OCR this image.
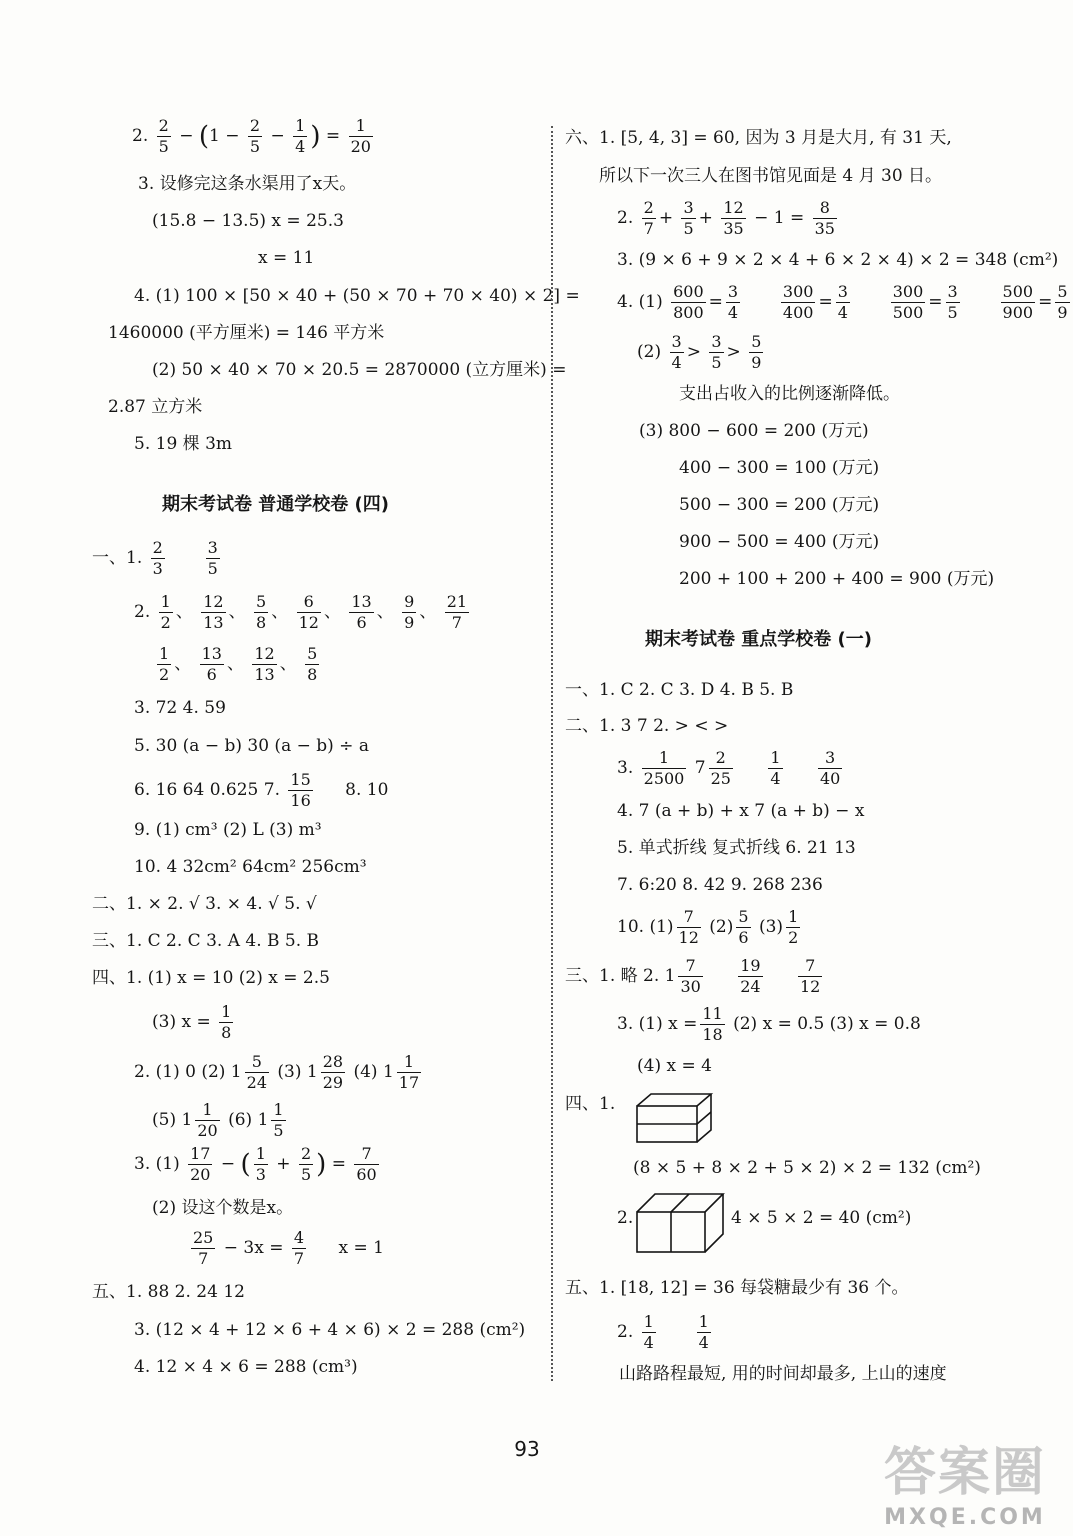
2. $\frac{2}{5} - (1 - \frac{2}{5} - \frac{1}{4}$ ) = $\frac{1}{20}$
3. 设修完这条水渠用了x天。
(15.8 − 13.5) x = 25.3
x = 11
4. (1) 100 × [50 × 40 + (50 × 70 + 70 × 40) × 2] =
1460000 (平方厘米) = 146 平方米
(2) 50 × 40 × 70 × 20.5 = 2870000 (立方厘米) =
2.87 立方米
5. 19 棵 3m
期末考试卷 普通学校卷 (四)
一、1. $\frac{2}{3}$
	$\frac{3}{5}$
2. $\frac{1}{2}$ 、 $\frac{12}{13}$ 、 $\frac{5}{8}$ 、 $\frac{6}{12}$ 、 $\frac{13}{6}$ 、 $\frac{9}{9}$ 、 $\frac{21}{7}$
$\frac{1}{2}$ 、 $\frac{13}{6}$ 、 $\frac{12}{13}$ 、 $\frac{5}{8}$
3. 72 4. 59
5. 30 (a − b) 30 (a − b) ÷ a
6. 16 64 0.625 7. $\frac{15}{16} 8$. 10
9. (1) cm³ (2) L (3) m³
10. 4 32cm² 64cm² 256cm³
二、1. × 2. √ 3. × 4. √ 5. √
三、1. C 2. C 3. A 4. B 5. B
四、1. (1) x = 10 (2) x = 2.5
(3) $x = \frac{1}{8}$
2. (1) 0 (2) $1 \frac{5}{24} (3)$ $1 \frac{28}{29} (4)$ $1 \frac{1}{17}$
(5) $1 \frac{1}{20} (6)$ $1 \frac{1}{5}$
3. $(1) \frac{17}{20}$ − ( $\frac{1}{3} + \frac{2}{5}$ ) = $\frac{7}{60}$
(2) 设这个数是x。
$\frac{25}{7} - 3x = \frac{4}{7}$ x = 1
五、1. 88 2. 24 12
3. (12 × 4 + 12 × 6 + 4 × 6) × 2 = 288 (cm²)
4. 12 × 4 × 6 = 288 (cm³)
六、1. [5, 4, 3] = 60, 因为 3 月是大月, 有 31 天,
所以下一次三人在图书馆见面是 4 月 30 日。
2. $\frac{2}{7} + \frac{3}{5} + \frac{12}{35} - 1 = \frac{8}{35}$
3. (9 × 6 + 9 × 2 × 4 + 6 × 2 × 4) × 2 = 348 (cm²)
4. $(1) \frac{600}{800} = \frac{3}{4}$
	$\frac{300}{400} = \frac{3}{4}$
	$\frac{300}{500} = \frac{3}{5}$
	$\frac{500}{900} = \frac{5}{9}$
$(2) \frac{3}{4} > \frac{3}{5} > \frac{5}{9}$
支出占收入的比例逐渐降低。
(3) 800 − 600 = 200 (万元)
400 − 300 = 100 (万元)
500 − 300 = 200 (万元)
900 − 500 = 400 (万元)
200 + 100 + 200 + 400 = 900 (万元)
期末考试卷 重点学校卷 (一)
一、1. C 2. C 3. D 4. B 5. B
二、1. 3 7 2. > < >
3. $\frac{1}{2500}$
7
2
25
$\frac{1}{4}$
$\frac{3}{40}$
4. 7 (a + b) + x 7 (a + b) − x
5. 单式折线 复式折线 6. 21 13
7. 6:20 8. 42 9. 268 236
10. $(1) \frac{7}{12} (2) \frac{5}{6} (3) \frac{1}{2}$
三、1. 略 2. $1 \frac{7}{30}$
$\frac{19}{24}$
$\frac{7}{12}$
3. (1) $x = \frac{11}{18} (2) x = 0.5$ (3) x = 0.8
(4) x = 4
四、1.
(8 × 5 + 8 × 2 + 5 × 2) × 2 = 132 (cm²)
2.	4 × 5 × 2 = 40 (cm²)
五、1. [18, 12] = 36 每袋糖最少有 36 个。
2. $\frac{1}{4}$
	$\frac{1}{4}$
山路路程最短, 用的时间却最多, 上山的速度
93	答案圈
MXQE.COM
